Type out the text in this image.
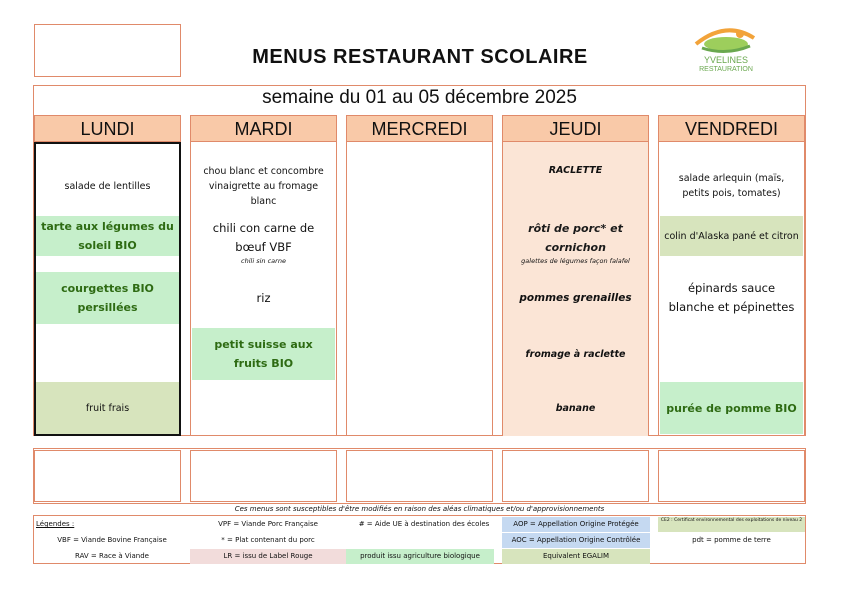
MENUS RESTAURANT SCOLAIRE	YVELINES
RESTAURATION
semaine du 01 au 05 décembre 2025
LUNDI
salade de lentilles
tarte aux légumes du soleil BIO
courgettes BIO persillées
fruit frais
MARDI
chou blanc et concombre vinaigrette au fromage blanc
chili con carne de bœuf VBF
chili sin carne
riz
petit suisse aux fruits BIO
MERCREDI	JEUDI
RACLETTE
rôti de porc* et cornichon
galettes de légumes façon falafel
pommes grenailles
fromage à raclette
banane
VENDREDI
salade arlequin (maïs, petits pois, tomates)
colin d'Alaska pané et citron
épinards sauce blanche et pépinettes
purée de pomme BIO
Ces menus sont susceptibles d'être modifiés en raison des aléas climatiques et/ou d'approvisionnements
Légendes :
VBF = Viande Bovine Française
RAV = Race à Viande
VPF = Viande Porc Française
* = Plat contenant du porc
LR = issu de Label Rouge
# = Aide UE à destination des écoles
produit issu agriculture biologique
AOP = Appellation Origine Protégée
AOC = Appellation Origine Contrôlée
Equivalent EGALIM
CE2 : Certificat environnemental des exploitations de niveau 2
pdt = pomme de terre
